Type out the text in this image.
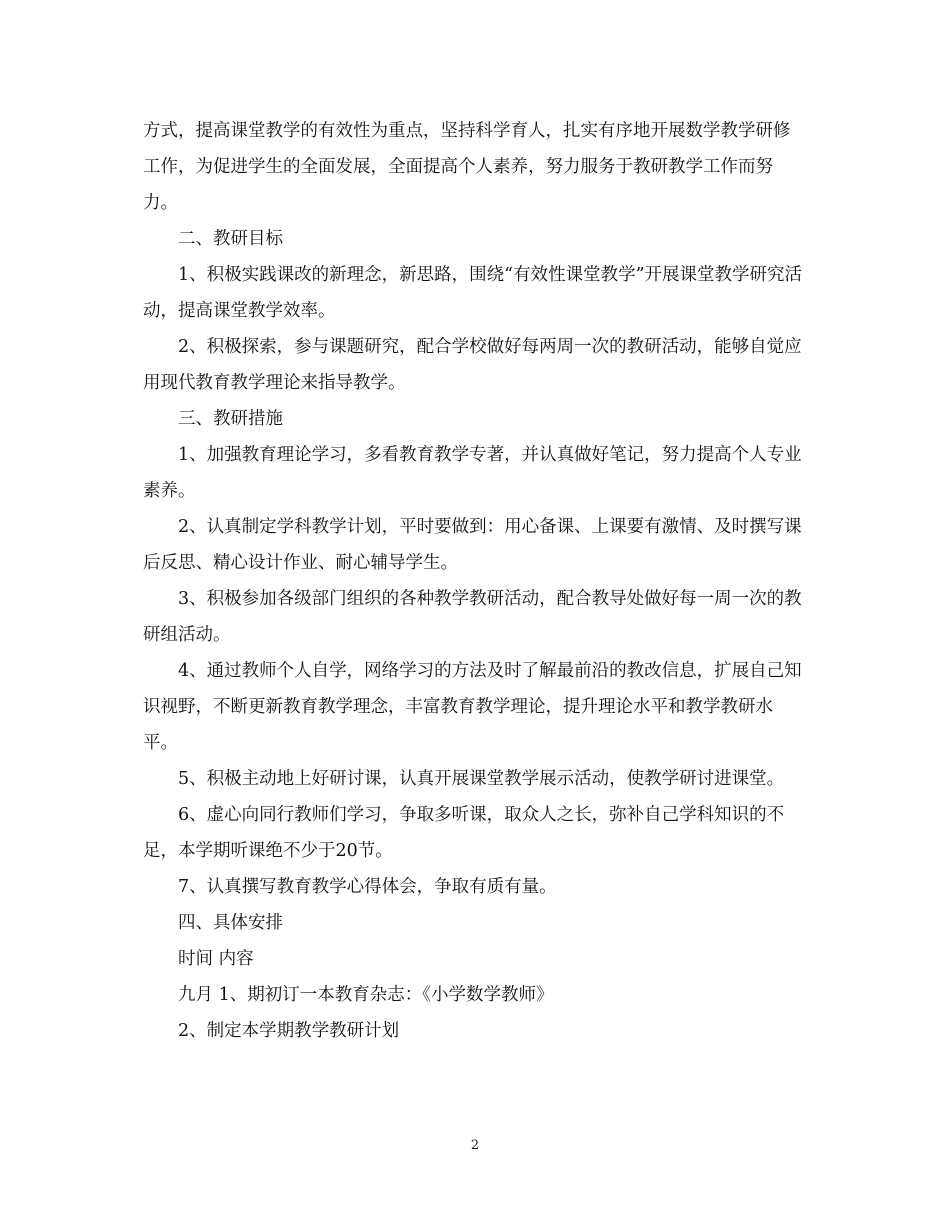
方式，提高课堂教学的有效性为重点，坚持科学育人，扎实有序地开展数学教学研修工作，为促进学生的全面发展，全面提高个人素养，努力服务于教研教学工作而努力。

二、教研目标

1、积极实践课改的新理念，新思路，围绕“有效性课堂教学”开展课堂教学研究活动，提高课堂教学效率。

2、积极探索，参与课题研究，配合学校做好每两周一次的教研活动，能够自觉应用现代教育教学理论来指导教学。

三、教研措施

1、加强教育理论学习，多看教育教学专著，并认真做好笔记，努力提高个人专业素养。

2、认真制定学科教学计划，平时要做到：用心备课、上课要有激情、及时撰写课后反思、精心设计作业、耐心辅导学生。

3、积极参加各级部门组织的各种教学教研活动，配合教导处做好每一周一次的教研组活动。

4、通过教师个人自学，网络学习的方法及时了解最前沿的教改信息，扩展自己知识视野，不断更新教育教学理念，丰富教育教学理论，提升理论水平和教学教研水平。

5、积极主动地上好研讨课，认真开展课堂教学展示活动，使教学研讨进课堂。

6、虚心向同行教师们学习，争取多听课，取众人之长，弥补自己学科知识的不足，本学期听课绝不少于20节。

7、认真撰写教育教学心得体会，争取有质有量。

四、具体安排

时间 内容

九月 1、期初订一本教育杂志：《小学数学教师》

2、制定本学期教学教研计划

2
